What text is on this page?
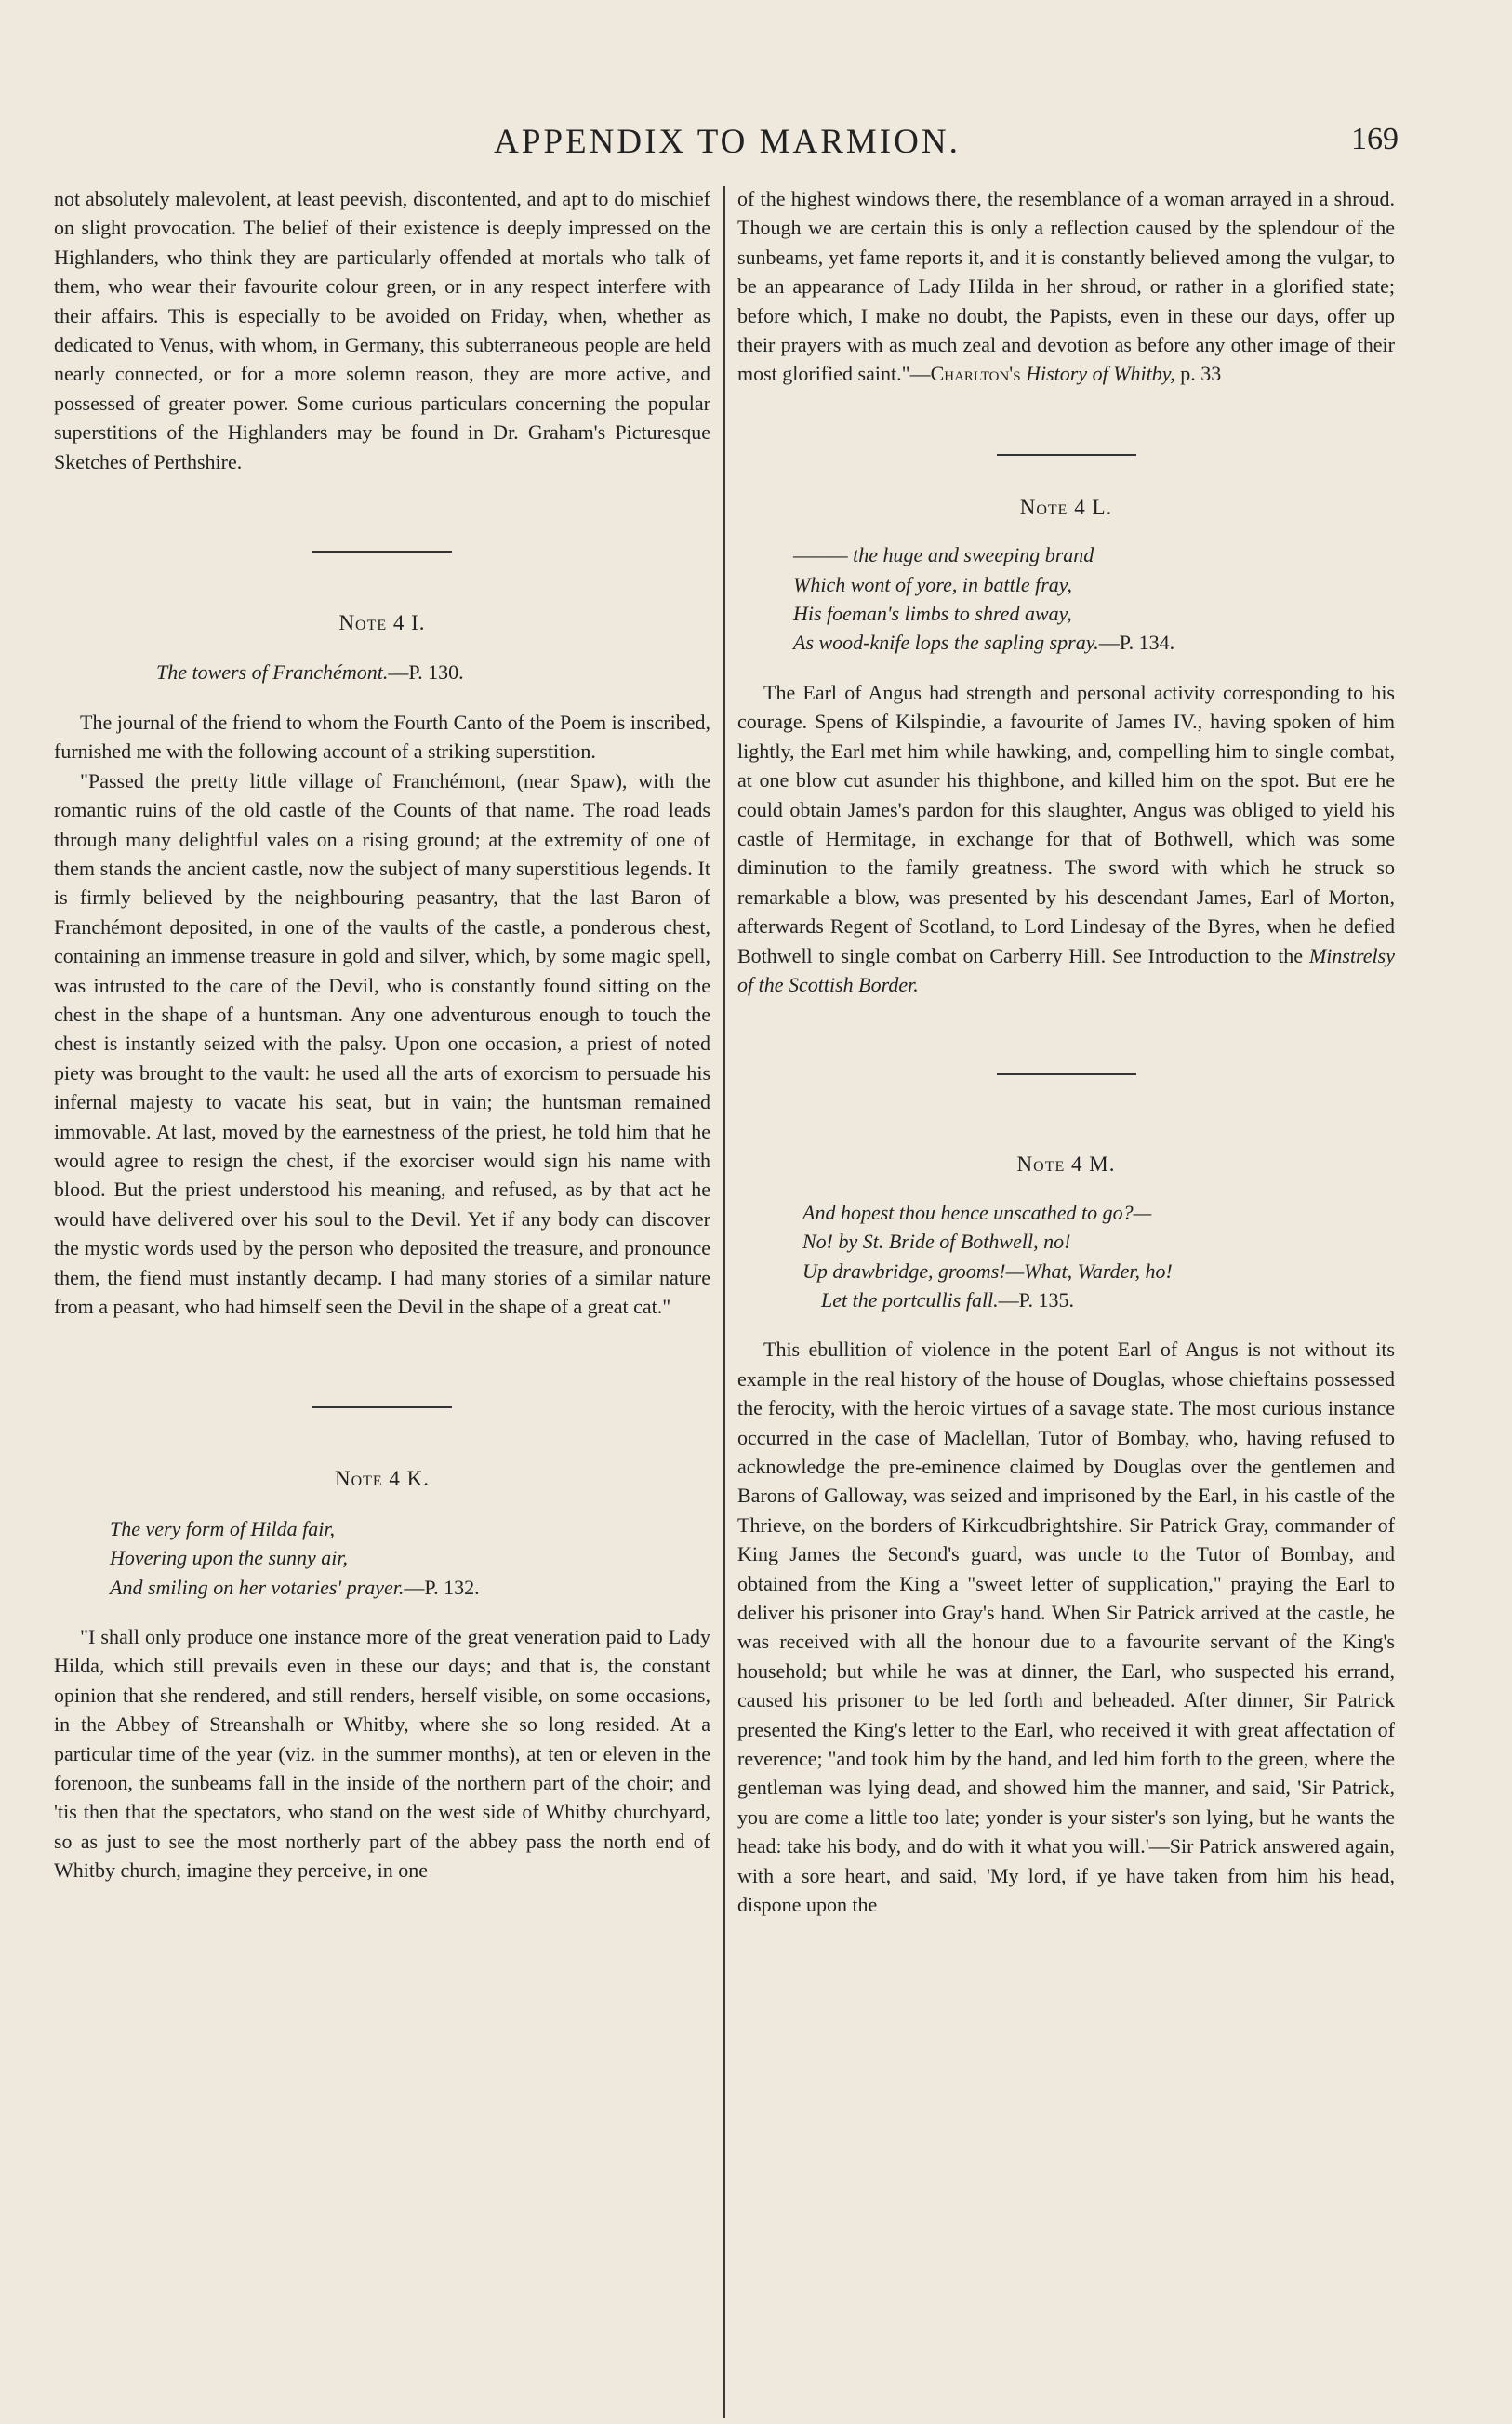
APPENDIX TO MARMION.	169

not absolutely malevolent, at least peevish, discontented, and apt to do mischief on slight provocation. The belief of their existence is deeply impressed on the Highlanders, who think they are particularly offended at mortals who talk of them, who wear their favourite colour green, or in any respect interfere with their affairs. This is especially to be avoided on Friday, when, whether as dedicated to Venus, with whom, in Germany, this subterraneous people are held nearly connected, or for a more solemn reason, they are more active, and possessed of greater power. Some curious particulars concerning the popular superstitions of the Highlanders may be found in Dr. Graham's Picturesque Sketches of Perthshire.

Note 4 I.

The towers of Franchémont.—P. 130.

The journal of the friend to whom the Fourth Canto of the Poem is inscribed, furnished me with the following account of a striking superstition.

"Passed the pretty little village of Franchémont, (near Spaw), with the romantic ruins of the old castle of the Counts of that name. The road leads through many delightful vales on a rising ground; at the extremity of one of them stands the ancient castle, now the subject of many superstitious legends. It is firmly believed by the neighbouring peasantry, that the last Baron of Franchémont deposited, in one of the vaults of the castle, a ponderous chest, containing an immense treasure in gold and silver, which, by some magic spell, was intrusted to the care of the Devil, who is constantly found sitting on the chest in the shape of a huntsman. Any one adventurous enough to touch the chest is instantly seized with the palsy. Upon one occasion, a priest of noted piety was brought to the vault: he used all the arts of exorcism to persuade his infernal majesty to vacate his seat, but in vain; the huntsman remained immovable. At last, moved by the earnestness of the priest, he told him that he would agree to resign the chest, if the exorciser would sign his name with blood. But the priest understood his meaning, and refused, as by that act he would have delivered over his soul to the Devil. Yet if any body can discover the mystic words used by the person who deposited the treasure, and pronounce them, the fiend must instantly decamp. I had many stories of a similar nature from a peasant, who had himself seen the Devil in the shape of a great cat."

Note 4 K.

The very form of Hilda fair,

Hovering upon the sunny air,

And smiling on her votaries' prayer.—P. 132.

"I shall only produce one instance more of the great veneration paid to Lady Hilda, which still prevails even in these our days; and that is, the constant opinion that she rendered, and still renders, herself visible, on some occasions, in the Abbey of Streanshalh or Whitby, where she so long resided. At a particular time of the year (viz. in the summer months), at ten or eleven in the forenoon, the sunbeams fall in the inside of the northern part of the choir; and 'tis then that the spectators, who stand on the west side of Whitby churchyard, so as just to see the most northerly part of the abbey pass the north end of Whitby church, imagine they perceive, in one

of the highest windows there, the resemblance of a woman arrayed in a shroud. Though we are certain this is only a reflection caused by the splendour of the sunbeams, yet fame reports it, and it is constantly believed among the vulgar, to be an appearance of Lady Hilda in her shroud, or rather in a glorified state; before which, I make no doubt, the Papists, even in these our days, offer up their prayers with as much zeal and devotion as before any other image of their most glorified saint."—Charlton's History of Whitby, p. 33

Note 4 L.

——— the huge and sweeping brand

Which wont of yore, in battle fray,

His foeman's limbs to shred away,

As wood-knife lops the sapling spray.—P. 134.

The Earl of Angus had strength and personal activity corresponding to his courage. Spens of Kilspindie, a favourite of James IV., having spoken of him lightly, the Earl met him while hawking, and, compelling him to single combat, at one blow cut asunder his thighbone, and killed him on the spot. But ere he could obtain James's pardon for this slaughter, Angus was obliged to yield his castle of Hermitage, in exchange for that of Bothwell, which was some diminution to the family greatness. The sword with which he struck so remarkable a blow, was presented by his descendant James, Earl of Morton, afterwards Regent of Scotland, to Lord Lindesay of the Byres, when he defied Bothwell to single combat on Carberry Hill. See Introduction to the Minstrelsy of the Scottish Border.

Note 4 M.

And hopest thou hence unscathed to go?—

No! by St. Bride of Bothwell, no!

Up drawbridge, grooms!—What, Warder, ho!

Let the portcullis fall.—P. 135.

This ebullition of violence in the potent Earl of Angus is not without its example in the real history of the house of Douglas, whose chieftains possessed the ferocity, with the heroic virtues of a savage state. The most curious instance occurred in the case of Maclellan, Tutor of Bombay, who, having refused to acknowledge the pre-eminence claimed by Douglas over the gentlemen and Barons of Galloway, was seized and imprisoned by the Earl, in his castle of the Thrieve, on the borders of Kirkcudbrightshire. Sir Patrick Gray, commander of King James the Second's guard, was uncle to the Tutor of Bombay, and obtained from the King a "sweet letter of supplication," praying the Earl to deliver his prisoner into Gray's hand. When Sir Patrick arrived at the castle, he was received with all the honour due to a favourite servant of the King's household; but while he was at dinner, the Earl, who suspected his errand, caused his prisoner to be led forth and beheaded. After dinner, Sir Patrick presented the King's letter to the Earl, who received it with great affectation of reverence; "and took him by the hand, and led him forth to the green, where the gentleman was lying dead, and showed him the manner, and said, 'Sir Patrick, you are come a little too late; yonder is your sister's son lying, but he wants the head: take his body, and do with it what you will.'—Sir Patrick answered again, with a sore heart, and said, 'My lord, if ye have taken from him his head, dispone upon the
